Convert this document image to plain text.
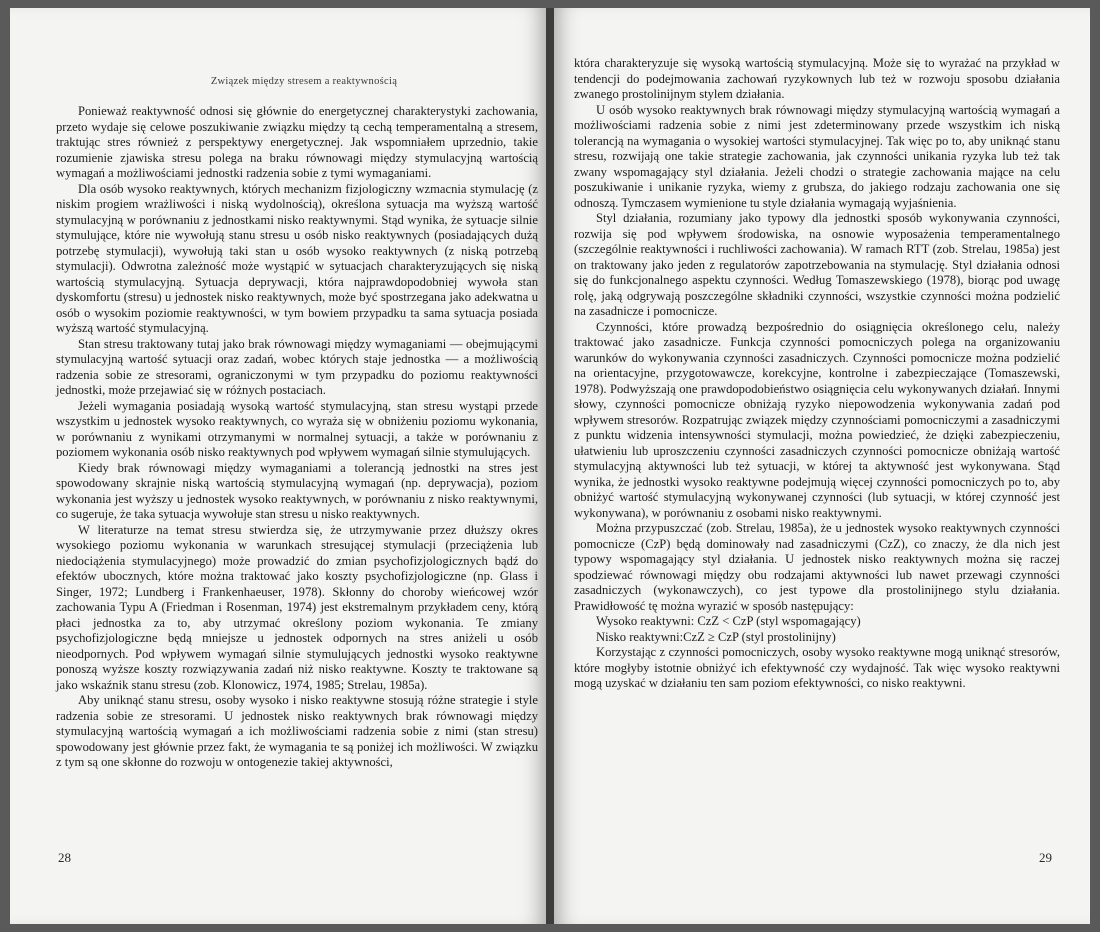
Związek między stresem a reaktywnością

Ponieważ reaktywność odnosi się głównie do energetycznej charakterystyki zachowania, przeto wydaje się celowe poszukiwanie związku między tą cechą temperamentalną a stresem, traktując stres również z perspektywy energetycznej. Jak wspomniałem uprzednio, takie rozumienie zjawiska stresu polega na braku równowagi między stymulacyjną wartością wymagań a możliwościami jednostki radzenia sobie z tymi wymaganiami.

Dla osób wysoko reaktywnych, których mechanizm fizjologiczny wzmacnia stymulację (z niskim progiem wrażliwości i niską wydolnością), określona sytuacja ma wyższą wartość stymulacyjną w porównaniu z jednostkami nisko reaktywnymi. Stąd wynika, że sytuacje silnie stymulujące, które nie wywołują stanu stresu u osób nisko reaktywnych (posiadających dużą potrzebę stymulacji), wywołują taki stan u osób wysoko reaktywnych (z niską potrzebą stymulacji). Odwrotna zależność może wystąpić w sytuacjach charakteryzujących się niską wartością stymulacyjną. Sytuacja deprywacji, która najprawdopodobniej wywoła stan dyskomfortu (stresu) u jednostek nisko reaktywnych, może być spostrzegana jako adekwatna u osób o wysokim poziomie reaktywności, w tym bowiem przypadku ta sama sytuacja posiada wyższą wartość stymulacyjną.

Stan stresu traktowany tutaj jako brak równowagi między wymaganiami — obejmującymi stymulacyjną wartość sytuacji oraz zadań, wobec których staje jednostka — a możliwością radzenia sobie ze stresorami, ograniczonymi w tym przypadku do poziomu reaktywności jednostki, może przejawiać się w różnych postaciach.

Jeżeli wymagania posiadają wysoką wartość stymulacyjną, stan stresu wystąpi przede wszystkim u jednostek wysoko reaktywnych, co wyraża się w obniżeniu poziomu wykonania, w porównaniu z wynikami otrzymanymi w normalnej sytuacji, a także w porównaniu z poziomem wykonania osób nisko reaktywnych pod wpływem wymagań silnie stymulujących.

Kiedy brak równowagi między wymaganiami a tolerancją jednostki na stres jest spowodowany skrajnie niską wartością stymulacyjną wymagań (np. deprywacja), poziom wykonania jest wyższy u jednostek wysoko reaktywnych, w porównaniu z nisko reaktywnymi, co sugeruje, że taka sytuacja wywołuje stan stresu u nisko reaktywnych.

W literaturze na temat stresu stwierdza się, że utrzymywanie przez dłuższy okres wysokiego poziomu wykonania w warunkach stresującej stymulacji (przeciążenia lub niedociążenia stymulacyjnego) może prowadzić do zmian psychofizjologicznych bądź do efektów ubocznych, które można traktować jako koszty psychofizjologiczne (np. Glass i Singer, 1972; Lundberg i Frankenhaeuser, 1978). Skłonny do choroby wieńcowej wzór zachowania Typu A (Friedman i Rosenman, 1974) jest ekstremalnym przykładem ceny, którą płaci jednostka za to, aby utrzymać określony poziom wykonania. Te zmiany psychofizjologiczne będą mniejsze u jednostek odpornych na stres aniżeli u osób nieodpornych. Pod wpływem wymagań silnie stymulujących jednostki wysoko reaktywne ponoszą wyższe koszty rozwiązywania zadań niż nisko reaktywne. Koszty te traktowane są jako wskaźnik stanu stresu (zob. Klonowicz, 1974, 1985; Strelau, 1985a).

Aby uniknąć stanu stresu, osoby wysoko i nisko reaktywne stosują różne strategie i style radzenia sobie ze stresorami. U jednostek nisko reaktywnych brak równowagi między stymulacyjną wartością wymagań a ich możliwościami radzenia sobie z nimi (stan stresu) spowodowany jest głównie przez fakt, że wymagania te są poniżej ich możliwości. W związku z tym są one skłonne do rozwoju w ontogenezie takiej aktywności,

28

która charakteryzuje się wysoką wartością stymulacyjną. Może się to wyrażać na przykład w tendencji do podejmowania zachowań ryzykownych lub też w rozwoju sposobu działania zwanego prostolinijnym stylem działania.

U osób wysoko reaktywnych brak równowagi między stymulacyjną wartością wymagań a możliwościami radzenia sobie z nimi jest zdeterminowany przede wszystkim ich niską tolerancją na wymagania o wysokiej wartości stymulacyjnej. Tak więc po to, aby uniknąć stanu stresu, rozwijają one takie strategie zachowania, jak czynności unikania ryzyka lub też tak zwany wspomagający styl działania. Jeżeli chodzi o strategie zachowania mające na celu poszukiwanie i unikanie ryzyka, wiemy z grubsza, do jakiego rodzaju zachowania one się odnoszą. Tymczasem wymienione tu style działania wymagają wyjaśnienia.

Styl działania, rozumiany jako typowy dla jednostki sposób wykonywania czynności, rozwija się pod wpływem środowiska, na osnowie wyposażenia temperamentalnego (szczególnie reaktywności i ruchliwości zachowania). W ramach RTT (zob. Strelau, 1985a) jest on traktowany jako jeden z regulatorów zapotrzebowania na stymulację. Styl działania odnosi się do funkcjonalnego aspektu czynności. Według Tomaszewskiego (1978), biorąc pod uwagę rolę, jaką odgrywają poszczególne składniki czynności, wszystkie czynności można podzielić na zasadnicze i pomocnicze.

Czynności, które prowadzą bezpośrednio do osiągnięcia określonego celu, należy traktować jako zasadnicze. Funkcja czynności pomocniczych polega na organizowaniu warunków do wykonywania czynności zasadniczych. Czynności pomocnicze można podzielić na orientacyjne, przygotowawcze, korekcyjne, kontrolne i zabezpieczające (Tomaszewski, 1978). Podwyższają one prawdopodobieństwo osiągnięcia celu wykonywanych działań. Innymi słowy, czynności pomocnicze obniżają ryzyko niepowodzenia wykonywania zadań pod wpływem stresorów. Rozpatrując związek między czynnościami pomocniczymi a zasadniczymi z punktu widzenia intensywności stymulacji, można powiedzieć, że dzięki zabezpieczeniu, ułatwieniu lub uproszczeniu czynności zasadniczych czynności pomocnicze obniżają wartość stymulacyjną aktywności lub też sytuacji, w której ta aktywność jest wykonywana. Stąd wynika, że jednostki wysoko reaktywne podejmują więcej czynności pomocniczych po to, aby obniżyć wartość stymulacyjną wykonywanej czynności (lub sytuacji, w której czynność jest wykonywana), w porównaniu z osobami nisko reaktywnymi.

Można przypuszczać (zob. Strelau, 1985a), że u jednostek wysoko reaktywnych czynności pomocnicze (CzP) będą dominowały nad zasadniczymi (CzZ), co znaczy, że dla nich jest typowy wspomagający styl działania. U jednostek nisko reaktywnych można się raczej spodziewać równowagi między obu rodzajami aktywności lub nawet przewagi czynności zasadniczych (wykonawczych), co jest typowe dla prostolinijnego stylu działania. Prawidłowość tę można wyrazić w sposób następujący:

Wysoko reaktywni: CzZ < CzP (styl wspomagający)

Nisko reaktywni:CzZ ≥ CzP (styl prostolinijny)

Korzystając z czynności pomocniczych, osoby wysoko reaktywne mogą uniknąć stresorów, które mogłyby istotnie obniżyć ich efektywność czy wydajność. Tak więc wysoko reaktywni mogą uzyskać w działaniu ten sam poziom efektywności, co nisko reaktywni.

29
